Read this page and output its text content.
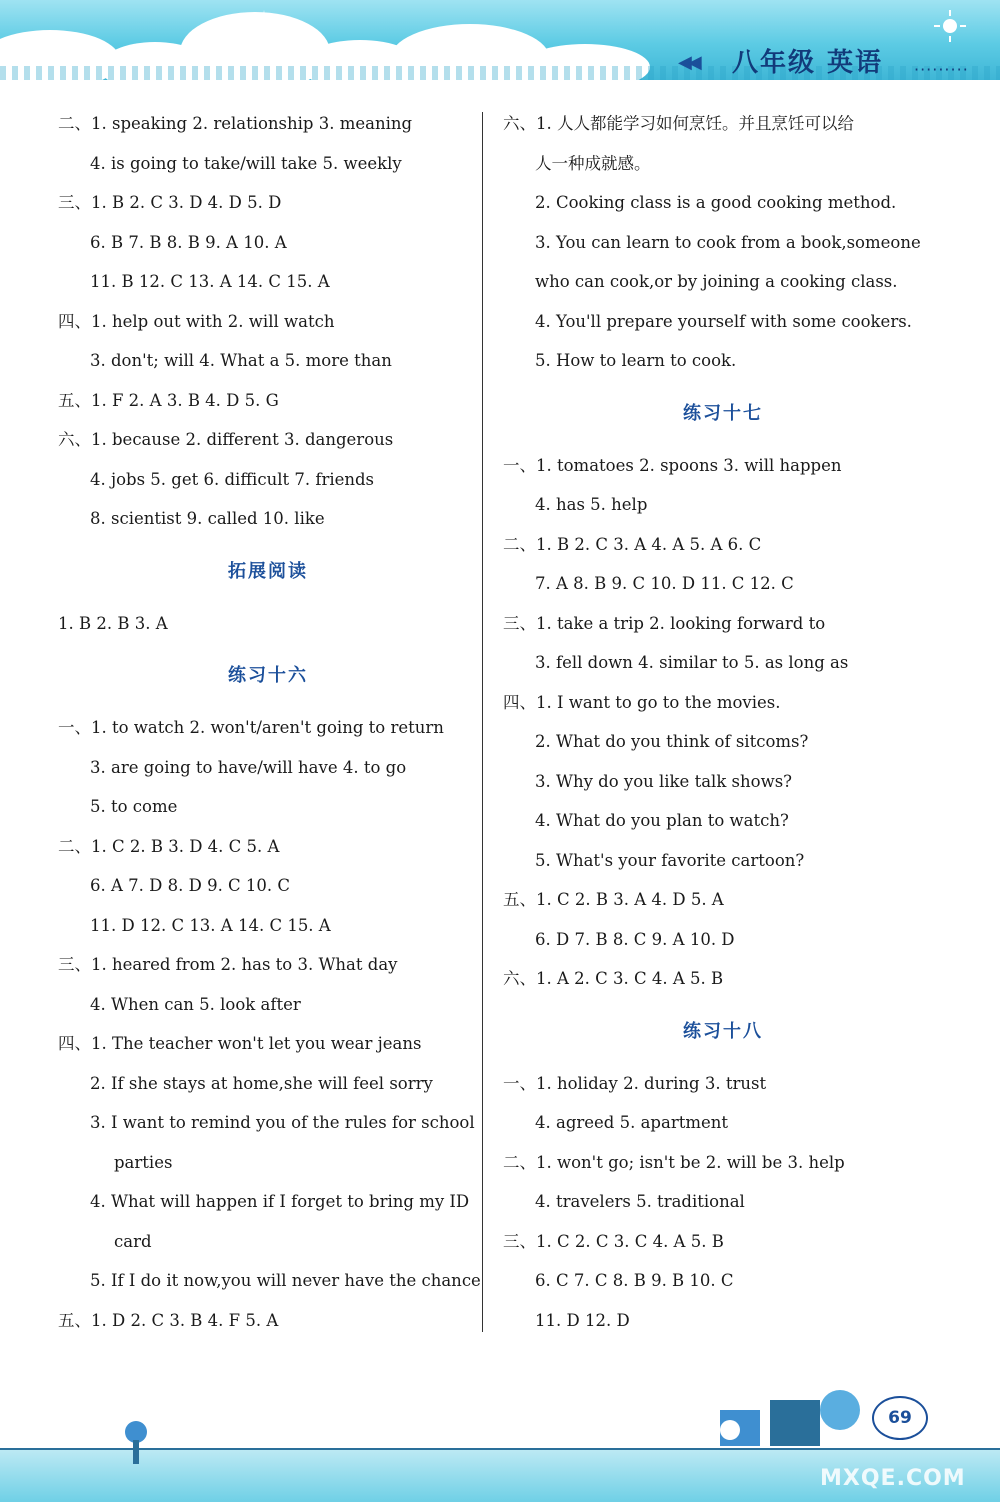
◀◀ 八年级 英语 ·········
二、1. speaking 2. relationship 3. meaning
4. is going to take/will take 5. weekly
三、1. B 2. C 3. D 4. D 5. D
6. B 7. B 8. B 9. A 10. A
11. B 12. C 13. A 14. C 15. A
四、1. help out with 2. will watch
3. don't; will 4. What a 5. more than
五、1. F 2. A 3. B 4. D 5. G
六、1. because 2. different 3. dangerous
4. jobs 5. get 6. difficult 7. friends
8. scientist 9. called 10. like
拓展阅读
1. B 2. B 3. A
练习十六
一、1. to watch 2. won't/aren't going to return
3. are going to have/will have 4. to go
5. to come
二、1. C 2. B 3. D 4. C 5. A
6. A 7. D 8. D 9. C 10. C
11. D 12. C 13. A 14. C 15. A
三、1. heared from 2. has to 3. What day
4. When can 5. look after
四、1. The teacher won't let you wear jeans
2. If she stays at home,she will feel sorry
3. I want to remind you of the rules for school
parties
4. What will happen if I forget to bring my ID
card
5. If I do it now,you will never have the chance
五、1. D 2. C 3. B 4. F 5. A
六、1. 人人都能学习如何烹饪。并且烹饪可以给
人一种成就感。
2. Cooking class is a good cooking method.
3. You can learn to cook from a book,someone
who can cook,or by joining a cooking class.
4. You'll prepare yourself with some cookers.
5. How to learn to cook.
练习十七
一、1. tomatoes 2. spoons 3. will happen
4. has 5. help
二、1. B 2. C 3. A 4. A 5. A 6. C
7. A 8. B 9. C 10. D 11. C 12. C
三、1. take a trip 2. looking forward to
3. fell down 4. similar to 5. as long as
四、1. I want to go to the movies.
2. What do you think of sitcoms?
3. Why do you like talk shows?
4. What do you plan to watch?
5. What's your favorite cartoon?
五、1. C 2. B 3. A 4. D 5. A
6. D 7. B 8. C 9. A 10. D
六、1. A 2. C 3. C 4. A 5. B
练习十八
一、1. holiday 2. during 3. trust
4. agreed 5. apartment
二、1. won't go; isn't be 2. will be 3. help
4. travelers 5. traditional
三、1. C 2. C 3. C 4. A 5. B
6. C 7. C 8. B 9. B 10. C
11. D 12. D
69
MXQE.COM
